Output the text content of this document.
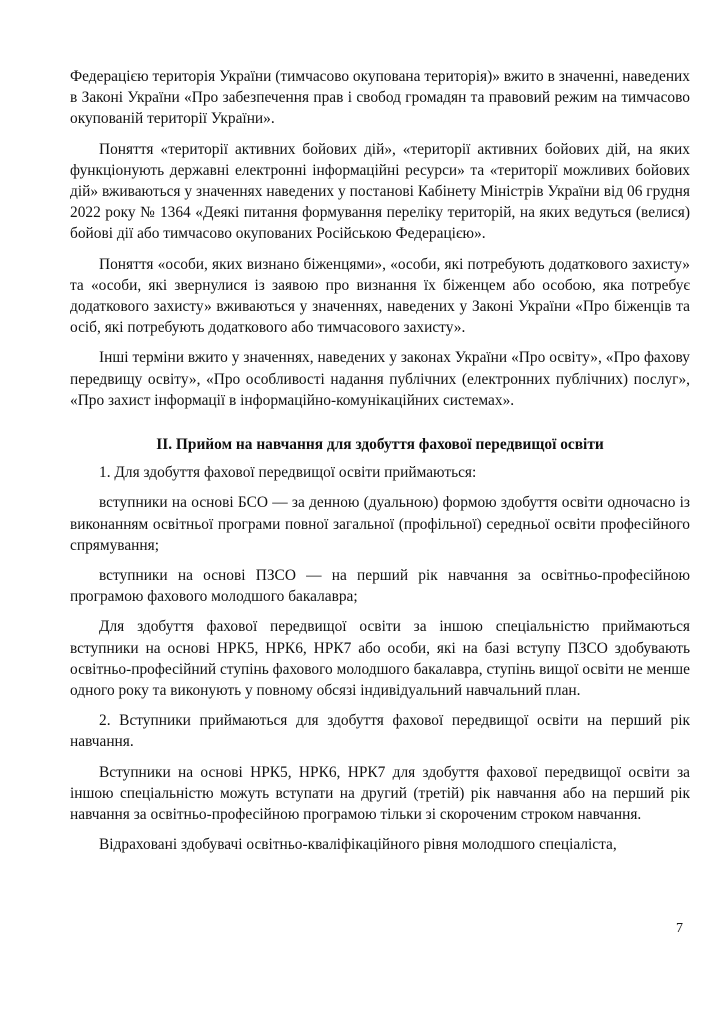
Федерацією територія України (тимчасово окупована територія)» вжито в значенні, наведених в Законі України «Про забезпечення прав і свобод громадян та правовий режим на тимчасово окупованій території України».

Поняття «території активних бойових дій», «території активних бойових дій, на яких функціонують державні електронні інформаційні ресурси» та «території можливих бойових дій» вживаються у значеннях наведених у постанові Кабінету Міністрів України від 06 грудня 2022 року № 1364 «Деякі питання формування переліку територій, на яких ведуться (велися) бойові дії або тимчасово окупованих Російською Федерацією».

Поняття «особи, яких визнано біженцями», «особи, які потребують додаткового захисту» та «особи, які звернулися із заявою про визнання їх біженцем або особою, яка потребує додаткового захисту» вживаються у значеннях, наведених у Законі України «Про біженців та осіб, які потребують додаткового або тимчасового захисту».

Інші терміни вжито у значеннях, наведених у законах України «Про освіту», «Про фахову передвищу освіту», «Про особливості надання публічних (електронних публічних) послуг», «Про захист інформації в інформаційно-комунікаційних системах».

ІІ. Прийом на навчання для здобуття фахової передвищої освіти

1. Для здобуття фахової передвищої освіти приймаються:

вступники на основі БСО — за денною (дуальною) формою здобуття освіти одночасно із виконанням освітньої програми повної загальної (профільної) середньої освіти професійного спрямування;

вступники на основі ПЗСО — на перший рік навчання за освітньо-професійною програмою фахового молодшого бакалавра;

Для здобуття фахової передвищої освіти за іншою спеціальністю приймаються вступники на основі НРК5, НРК6, НРК7 або особи, які на базі вступу ПЗСО здобувають освітньо-професійний ступінь фахового молодшого бакалавра, ступінь вищої освіти не менше одного року та виконують у повному обсязі індивідуальний навчальний план.

2. Вступники приймаються для здобуття фахової передвищої освіти на перший рік навчання.

Вступники на основі НРК5, НРК6, НРК7 для здобуття фахової передвищої освіти за іншою спеціальністю можуть вступати на другий (третій) рік навчання або на перший рік навчання за освітньо-професійною програмою тільки зі скороченим строком навчання.

Відраховані здобувачі освітньо-кваліфікаційного рівня молодшого спеціаліста,

7
